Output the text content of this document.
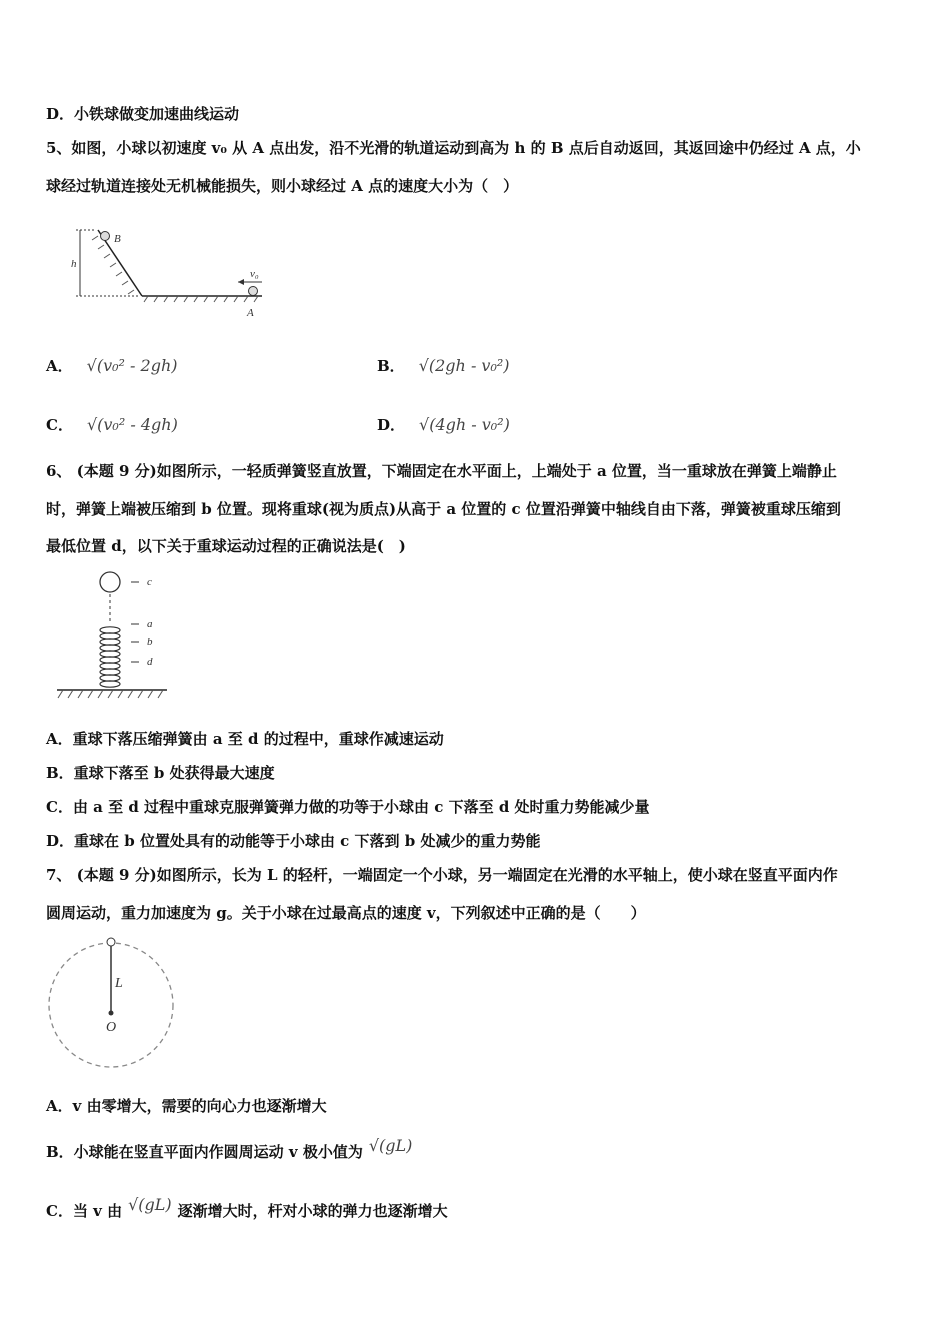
D．小铁球做变加速曲线运动
5、如图，小球以初速度 v₀ 从 A 点出发，沿不光滑的轨道运动到高为 h 的 B 点后自动返回，其返回途中仍经过 A 点，小
球经过轨道连接处无机械能损失，则小球经过 A 点的速度大小为（　）
B
h
v₀
A
A． √(v₀² - 2gh)	B． √(2gh - v₀²)
C． √(v₀² - 4gh)	D． √(4gh - v₀²)
6、 (本题 9 分)如图所示，一轻质弹簧竖直放置，下端固定在水平面上，上端处于 a 位置，当一重球放在弹簧上端静止
时，弹簧上端被压缩到 b 位置。现将重球(视为质点)从高于 a 位置的 c 位置沿弹簧中轴线自由下落，弹簧被重球压缩到
最低位置 d，以下关于重球运动过程的正确说法是(　)
c
a
b
d
A．重球下落压缩弹簧由 a 至 d 的过程中，重球作减速运动
B．重球下落至 b 处获得最大速度
C．由 a 至 d 过程中重球克服弹簧弹力做的功等于小球由 c 下落至 d 处时重力势能减少量
D．重球在 b 位置处具有的动能等于小球由 c 下落到 b 处减少的重力势能
7、 (本题 9 分)如图所示，长为 L 的轻杆，一端固定一个小球，另一端固定在光滑的水平轴上，使小球在竖直平面内作
圆周运动，重力加速度为 g。关于小球在过最高点的速度 v，下列叙述中正确的是（　　）
L
O
A．v 由零增大，需要的向心力也逐渐增大
B．小球能在竖直平面内作圆周运动 v 极小值为 √(gL)
C．当 v 由 √(gL) 逐渐增大时，杆对小球的弹力也逐渐增大
